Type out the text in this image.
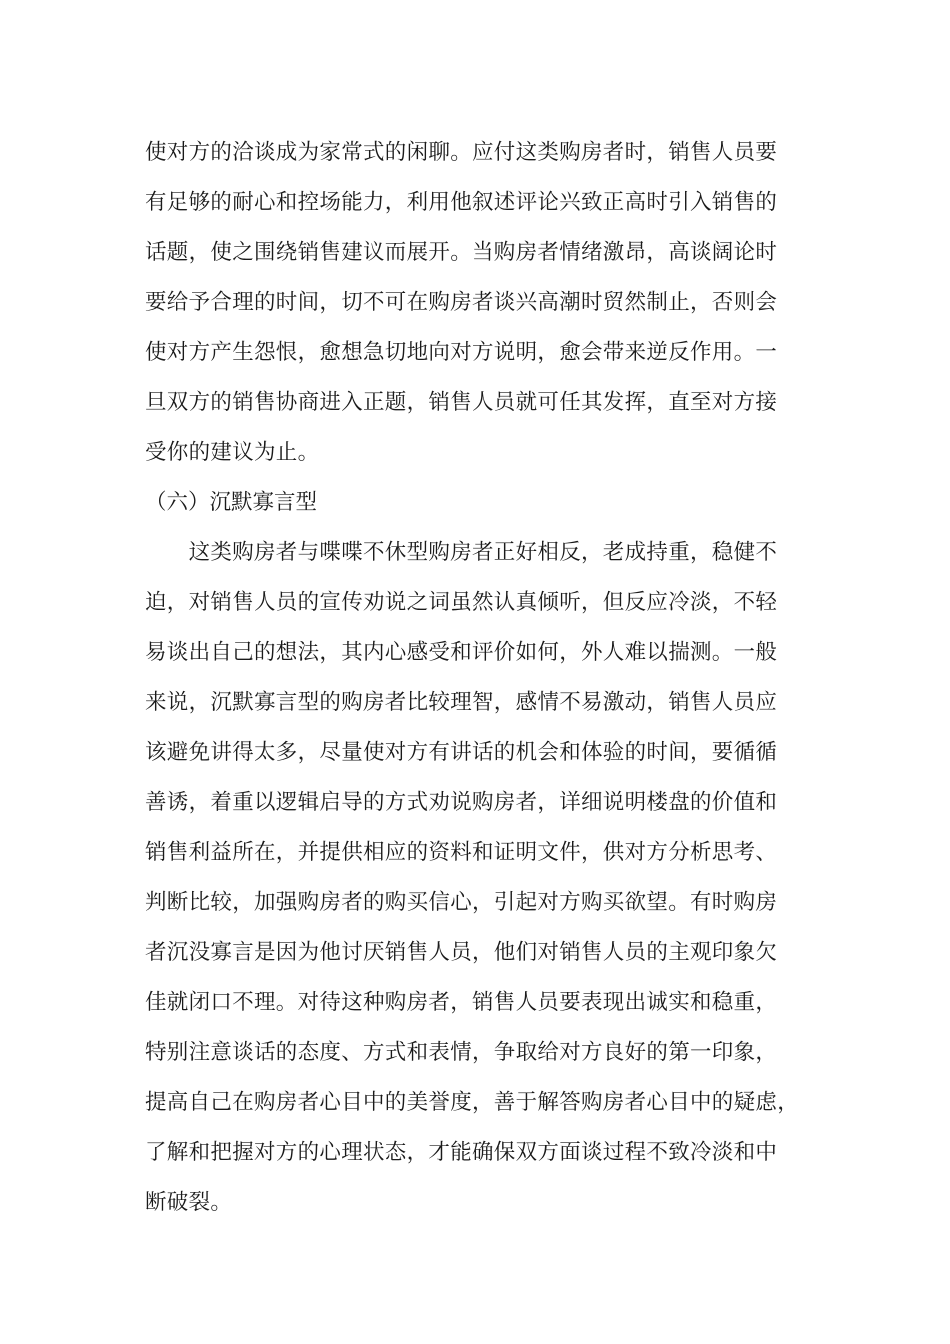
使对方的洽谈成为家常式的闲聊。应付这类购房者时，销售人员要
有足够的耐心和控场能力，利用他叙述评论兴致正高时引入销售的
话题，使之围绕销售建议而展开。当购房者情绪激昂，高谈阔论时
要给予合理的时间，切不可在购房者谈兴高潮时贸然制止，否则会
使对方产生怨恨，愈想急切地向对方说明，愈会带来逆反作用。一
旦双方的销售协商进入正题，销售人员就可任其发挥，直至对方接
受你的建议为止。

（六）沉默寡言型

　　这类购房者与喋喋不休型购房者正好相反，老成持重，稳健不
迫，对销售人员的宣传劝说之词虽然认真倾听，但反应冷淡，不轻
易谈出自己的想法，其内心感受和评价如何，外人难以揣测。一般
来说，沉默寡言型的购房者比较理智，感情不易激动，销售人员应
该避免讲得太多，尽量使对方有讲话的机会和体验的时间，要循循
善诱，着重以逻辑启导的方式劝说购房者，详细说明楼盘的价值和
销售利益所在，并提供相应的资料和证明文件，供对方分析思考、
判断比较，加强购房者的购买信心，引起对方购买欲望。有时购房
者沉没寡言是因为他讨厌销售人员，他们对销售人员的主观印象欠
佳就闭口不理。对待这种购房者，销售人员要表现出诚实和稳重，
特别注意谈话的态度、方式和表情，争取给对方良好的第一印象，
提高自己在购房者心目中的美誉度，善于解答购房者心目中的疑虑，
了解和把握对方的心理状态，才能确保双方面谈过程不致冷淡和中
断破裂。
